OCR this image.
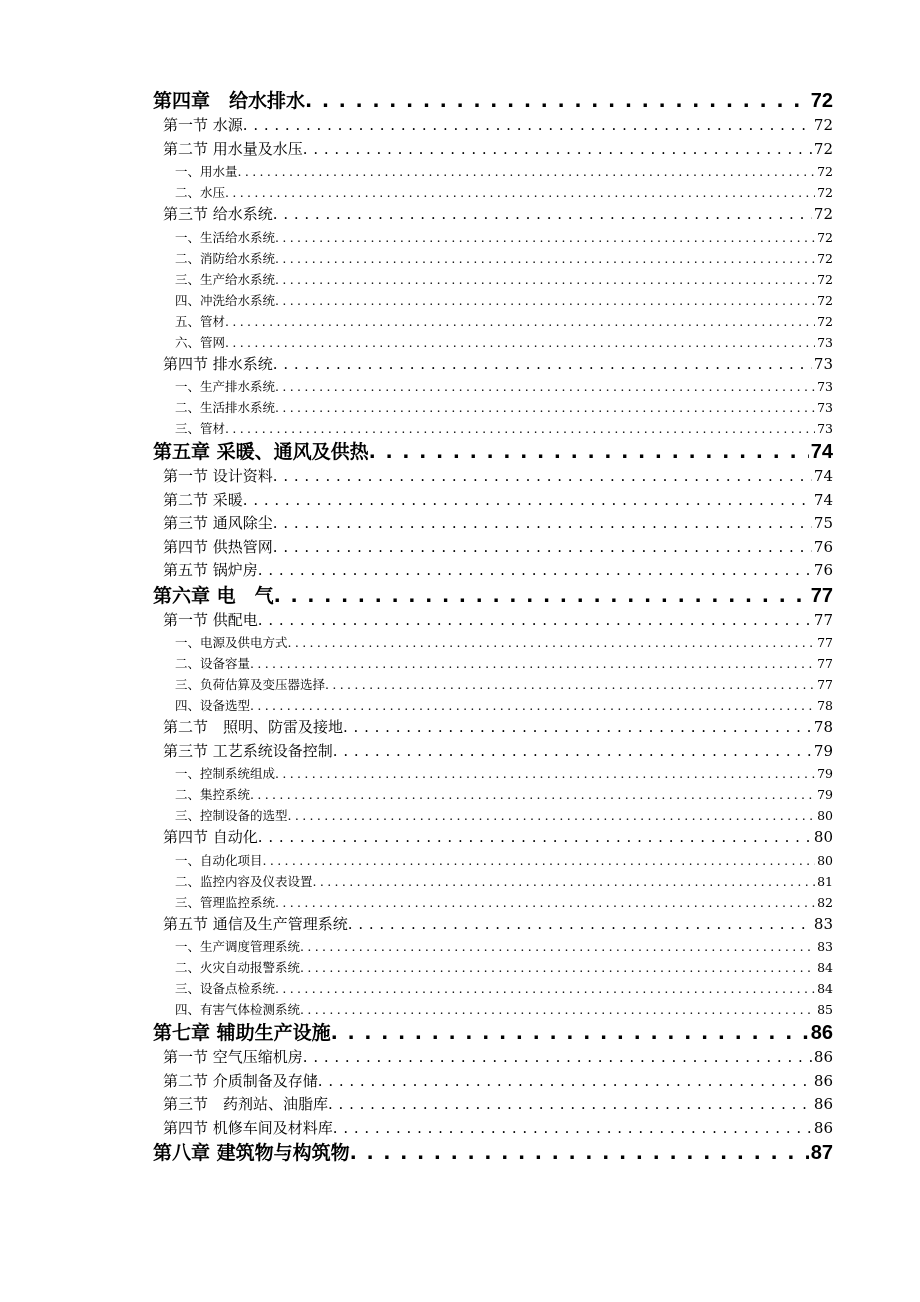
第四章　给水排水 . . .	72
第一节 水源 . . .	72
第二节 用水量及水压 . . .	72
一、用水量 . . .	72
二、水压 . . .	72
第三节 给水系统 . . .	72
一、生活给水系统 . . .	72
二、消防给水系统 . . .	72
三、生产给水系统 . . .	72
四、冲洗给水系统 . . .	72
五、管材 . . .	72
六、管网 . . .	73
第四节 排水系统 . . .	73
一、生产排水系统 . . .	73
二、生活排水系统 . . .	73
三、管材 . . .	73
第五章 采暖、通风及供热 . . .	74
第一节 设计资料 . . .	74
第二节 采暖 . . .	74
第三节 通风除尘 . . .	75
第四节 供热管网 . . .	76
第五节 锅炉房 . . .	76
第六章 电　气 . . .	77
第一节 供配电 . . .	77
一、电源及供电方式 . . .	77
二、设备容量 . . .	77
三、负荷估算及变压器选择 . . .	77
四、设备选型 . . .	78
第二节　照明、防雷及接地 . . .	78
第三节 工艺系统设备控制 . . .	79
一、控制系统组成 . . .	79
二、集控系统 . . .	79
三、控制设备的选型 . . .	80
第四节 自动化 . . .	80
一、自动化项目 . . .	80
二、监控内容及仪表设置 . . .	81
三、管理监控系统 . . .	82
第五节 通信及生产管理系统 . . .	83
一、生产调度管理系统 . . .	83
二、火灾自动报警系统 . . .	84
三、设备点检系统 . . .	84
四、有害气体检测系统 . . .	85
第七章 辅助生产设施 . . .	86
第一节 空气压缩机房 . . .	86
第二节 介质制备及存储 . . .	86
第三节　药剂站、油脂库 . . .	86
第四节 机修车间及材料库 . . .	86
第八章 建筑物与构筑物 . . .	87
